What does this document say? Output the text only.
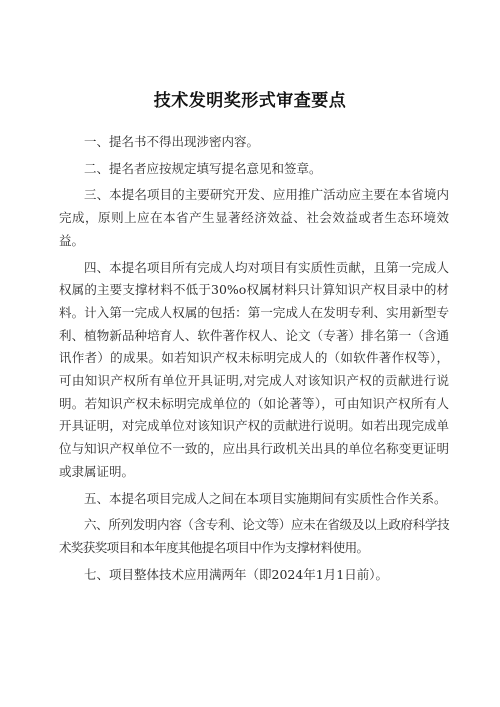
技术发明奖形式审查要点

一、提名书不得出现涉密内容。

二、提名者应按规定填写提名意见和签章。

三、本提名项目的主要研究开发、应用推广活动应主要在本省境内完成，原则上应在本省产生显著经济效益、社会效益或者生态环境效益。

四、本提名项目所有完成人均对项目有实质性贡献，且第一完成人权属的主要支撑材料不低于30%o权属材料只计算知识产权目录中的材料。计入第一完成人权属的包括：第一完成人在发明专利、实用新型专利、植物新品种培育人、软件著作权人、论文（专著）排名第一（含通讯作者）的成果。如若知识产权未标明完成人的（如软件著作权等），可由知识产权所有单位开具证明,对完成人对该知识产权的贡献进行说明。若知识产权未标明完成单位的（如论著等），可由知识产权所有人开具证明，对完成单位对该知识产权的贡献进行说明。如若出现完成单位与知识产权单位不一致的，应出具行政机关出具的单位名称变更证明或隶属证明。

五、本提名项目完成人之间在本项目实施期间有实质性合作关系。

六、所列发明内容（含专利、论文等）应未在省级及以上政府科学技术奖获奖项目和本年度其他提名项目中作为支撑材料使用。

七、项目整体技术应用满两年（即2024年1月1日前）。
